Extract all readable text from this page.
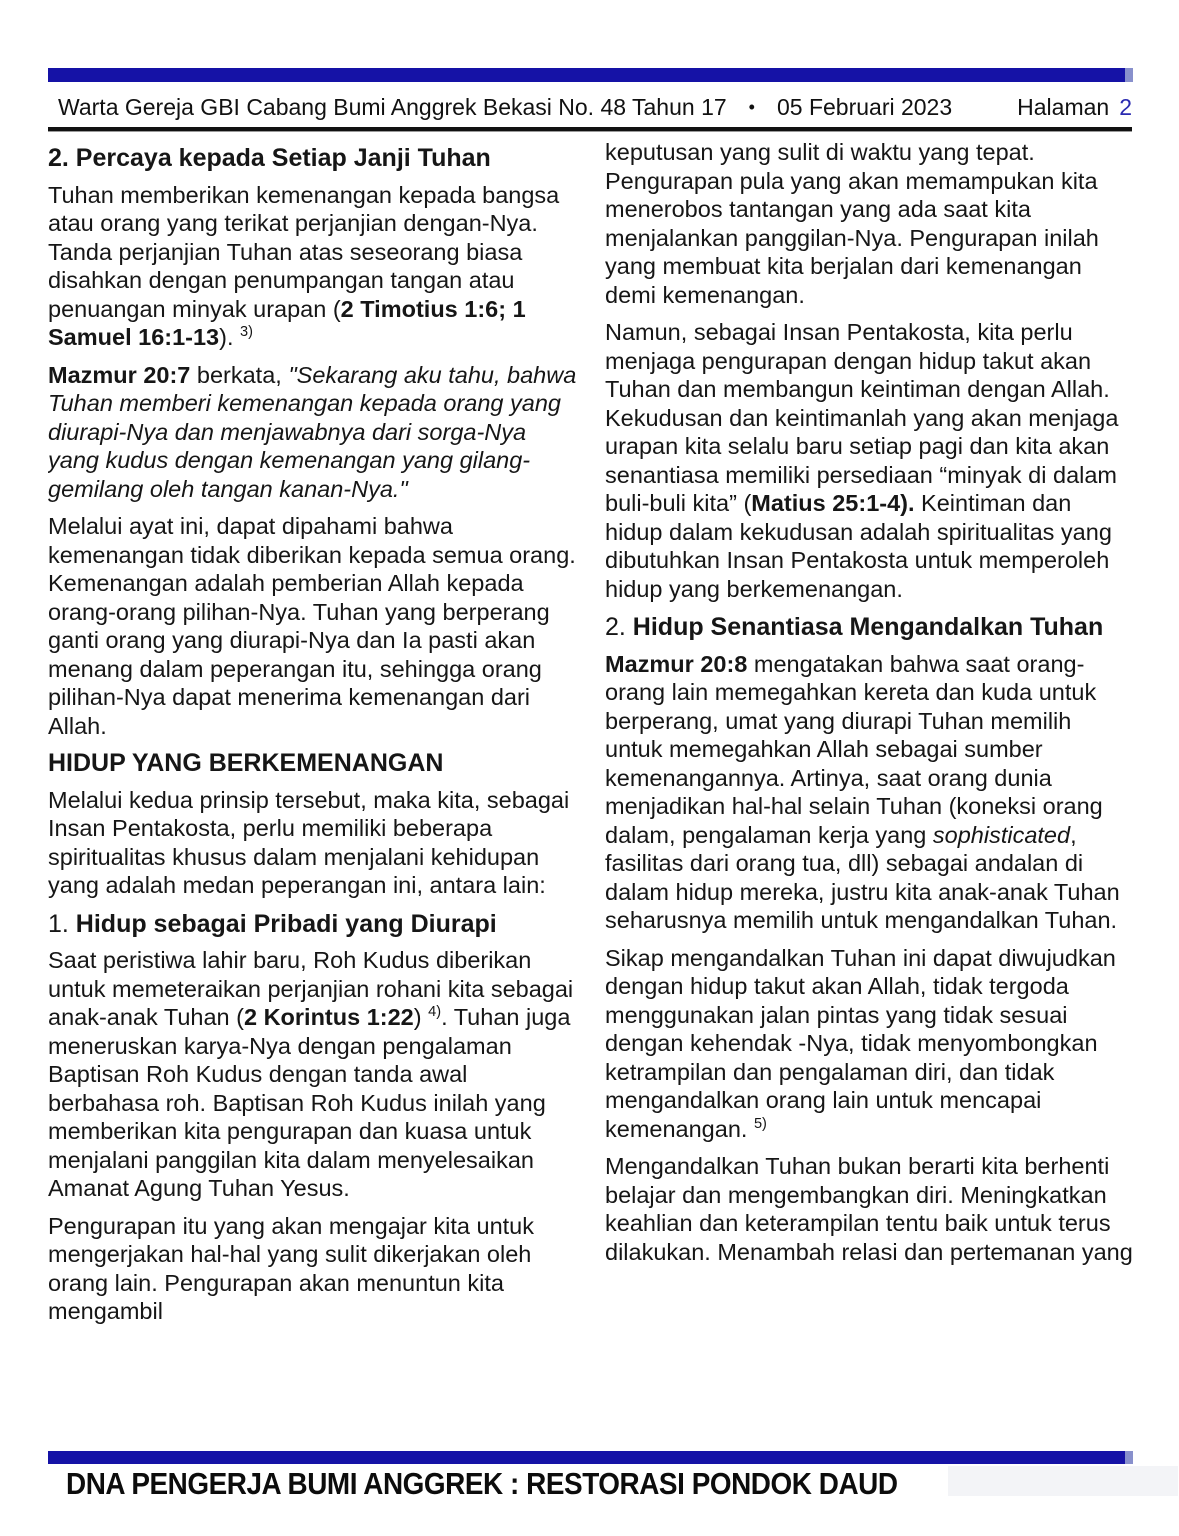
Warta Gereja GBI Cabang Bumi Anggrek Bekasi No. 48 Tahun 17 • 05 Februari 2023	Halaman 2

2. Percaya kepada Setiap Janji Tuhan

Tuhan memberikan kemenangan kepada bangsa atau orang yang terikat perjanjian dengan-Nya. Tanda perjanjian Tuhan atas seseorang biasa disahkan dengan penumpangan tangan atau penuangan minyak urapan (2 Timotius 1:6; 1 Samuel 16:1-13). $^{3)}$

Mazmur 20:7 berkata, "Sekarang aku tahu, bahwa Tuhan memberi kemenangan kepada orang yang diurapi-Nya dan menjawabnya dari sorga-Nya yang kudus dengan kemenangan yang gilang-gemilang oleh tangan kanan-Nya."

Melalui ayat ini, dapat dipahami bahwa kemenangan tidak diberikan kepada semua orang. Kemenangan adalah pemberian Allah kepada orang-orang pilihan-Nya. Tuhan yang berperang ganti orang yang diurapi-Nya dan Ia pasti akan menang dalam peperangan itu, sehingga orang pilihan-Nya dapat menerima kemenangan dari Allah.

HIDUP YANG BERKEMENANGAN

Melalui kedua prinsip tersebut, maka kita, sebagai Insan Pentakosta, perlu memiliki beberapa spiritualitas khusus dalam menjalani kehidupan yang adalah medan peperangan ini, antara lain:

1. Hidup sebagai Pribadi yang Diurapi

Saat peristiwa lahir baru, Roh Kudus diberikan untuk memeteraikan perjanjian rohani kita sebagai anak-anak Tuhan (2 Korintus 1:22) $^{4)}$. Tuhan juga meneruskan karya-Nya dengan pengalaman Baptisan Roh Kudus dengan tanda awal berbahasa roh. Baptisan Roh Kudus inilah yang memberikan kita pengurapan dan kuasa untuk menjalani panggilan kita dalam menyelesaikan Amanat Agung Tuhan Yesus.

Pengurapan itu yang akan mengajar kita untuk mengerjakan hal-hal yang sulit dikerjakan oleh orang lain. Pengurapan akan menuntun kita mengambil

keputusan yang sulit di waktu yang tepat. Pengurapan pula yang akan memampukan kita menerobos tantangan yang ada saat kita menjalankan panggilan-Nya. Pengurapan inilah yang membuat kita berjalan dari kemenangan demi kemenangan.

Namun, sebagai Insan Pentakosta, kita perlu menjaga pengurapan dengan hidup takut akan Tuhan dan membangun keintiman dengan Allah. Kekudusan dan keintimanlah yang akan menjaga urapan kita selalu baru setiap pagi dan kita akan senantiasa memiliki persediaan “minyak di dalam buli-buli kita” (Matius 25:1-4). Keintiman dan hidup dalam kekudusan adalah spiritualitas yang dibutuhkan Insan Pentakosta untuk memperoleh hidup yang berkemenangan.

2. Hidup Senantiasa Mengandalkan Tuhan

Mazmur 20:8 mengatakan bahwa saat orang-orang lain memegahkan kereta dan kuda untuk berperang, umat yang diurapi Tuhan memilih untuk memegahkan Allah sebagai sumber kemenangannya. Artinya, saat orang dunia menjadikan hal-hal selain Tuhan (koneksi orang dalam, pengalaman kerja yang sophisticated, fasilitas dari orang tua, dll) sebagai andalan di dalam hidup mereka, justru kita anak-anak Tuhan seharusnya memilih untuk mengandalkan Tuhan.

Sikap mengandalkan Tuhan ini dapat diwujudkan dengan hidup takut akan Allah, tidak tergoda menggunakan jalan pintas yang tidak sesuai dengan kehendak -Nya, tidak menyombongkan ketrampilan dan pengalaman diri, dan tidak mengandalkan orang lain untuk mencapai kemenangan. $^{5)}$

Mengandalkan Tuhan bukan berarti kita berhenti belajar dan mengembangkan diri. Meningkatkan keahlian dan keterampilan tentu baik untuk terus dilakukan. Menambah relasi dan pertemanan yang

DNA PENGERJA BUMI ANGGREK : RESTORASI PONDOK DAUD
